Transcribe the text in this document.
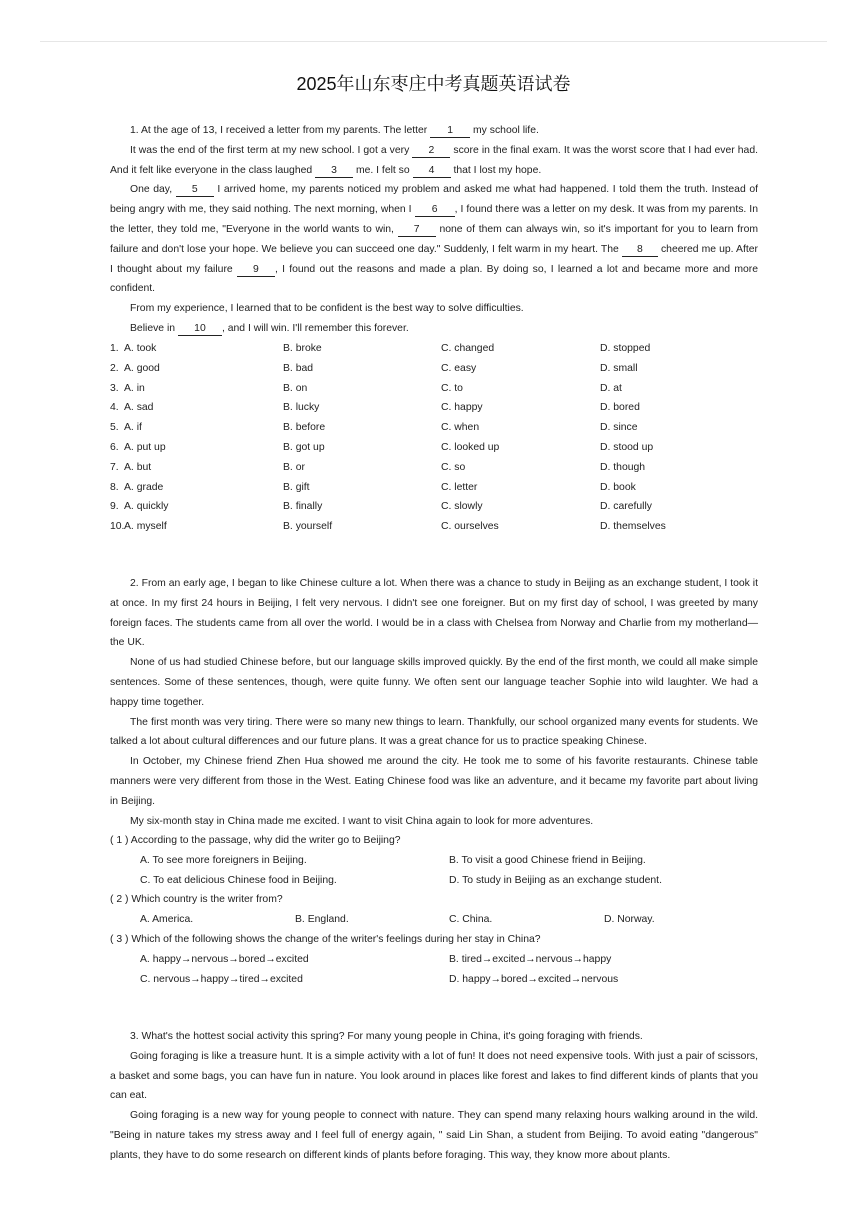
2025年山东枣庄中考真题英语试卷

1. At the age of 13, I received a letter from my parents. The letter 1 my school life.

It was the end of the first term at my new school. I got a very 2 score in the final exam. It was the worst score that I had ever had. And it felt like everyone in the class laughed 3 me. I felt so 4 that I lost my hope.

One day, 5 I arrived home, my parents noticed my problem and asked me what had happened. I told them the truth. Instead of being angry with me, they said nothing. The next morning, when I 6 , I found there was a letter on my desk. It was from my parents. In the letter, they told me, "Everyone in the world wants to win, 7 none of them can always win, so it's important for you to learn from failure and don't lose your hope. We believe you can succeed one day." Suddenly, I felt warm in my heart. The 8 cheered me up. After I thought about my failure 9 , I found out the reasons and made a plan. By doing so, I learned a lot and became more and more confident.

From my experience, I learned that to be confident is the best way to solve difficulties.

Believe in 10 , and I will win. I'll remember this forever.

1. A. took	B. broke	C. changed	D. stopped
2. A. good	B. bad	C. easy	D. small
3. A. in	B. on	C. to	D. at
4. A. sad	B. lucky	C. happy	D. bored
5. A. if	B. before	C. when	D. since
6. A. put up	B. got up	C. looked up	D. stood up
7. A. but	B. or	C. so	D. though
8. A. grade	B. gift	C. letter	D. book
9. A. quickly	B. finally	C. slowly	D. carefully
10. A. myself	B. yourself	C. ourselves	D. themselves

2. From an early age, I began to like Chinese culture a lot. When there was a chance to study in Beijing as an exchange student, I took it at once. In my first 24 hours in Beijing, I felt very nervous. I didn't see one foreigner. But on my first day of school, I was greeted by many foreign faces. The students came from all over the world. I would be in a class with Chelsea from Norway and Charlie from my motherland—the UK.

None of us had studied Chinese before, but our language skills improved quickly. By the end of the first month, we could all make simple sentences. Some of these sentences, though, were quite funny. We often sent our language teacher Sophie into wild laughter. We had a happy time together.

The first month was very tiring. There were so many new things to learn. Thankfully, our school organized many events for students. We talked a lot about cultural differences and our future plans. It was a great chance for us to practice speaking Chinese.

In October, my Chinese friend Zhen Hua showed me around the city. He took me to some of his favorite restaurants. Chinese table manners were very different from those in the West. Eating Chinese food was like an adventure, and it became my favorite part about living in Beijing.

My six-month stay in China made me excited. I want to visit China again to look for more adventures.

( 1 ) According to the passage, why did the writer go to Beijing?
A. To see more foreigners in Beijing.	B. To visit a good Chinese friend in Beijing.
C. To eat delicious Chinese food in Beijing.	D. To study in Beijing as an exchange student.
( 2 ) Which country is the writer from?
A. America.	B. England.	C. China.	D. Norway.
( 3 ) Which of the following shows the change of the writer's feelings during her stay in China?
A. happy→nervous→bored→excited	B. tired→excited→nervous→happy
C. nervous→happy→tired→excited	D. happy→bored→excited→nervous

3. What's the hottest social activity this spring? For many young people in China, it's going foraging with friends.

Going foraging is like a treasure hunt. It is a simple activity with a lot of fun! It does not need expensive tools. With just a pair of scissors, a basket and some bags, you can have fun in nature. You look around in places like forest and lakes to find different kinds of plants that you can eat.

Going foraging is a new way for young people to connect with nature. They can spend many relaxing hours walking around in the wild. "Being in nature takes my stress away and I feel full of energy again, " said Lin Shan, a student from Beijing. To avoid eating "dangerous" plants, they have to do some research on different kinds of plants before foraging. This way, they know more about plants.
